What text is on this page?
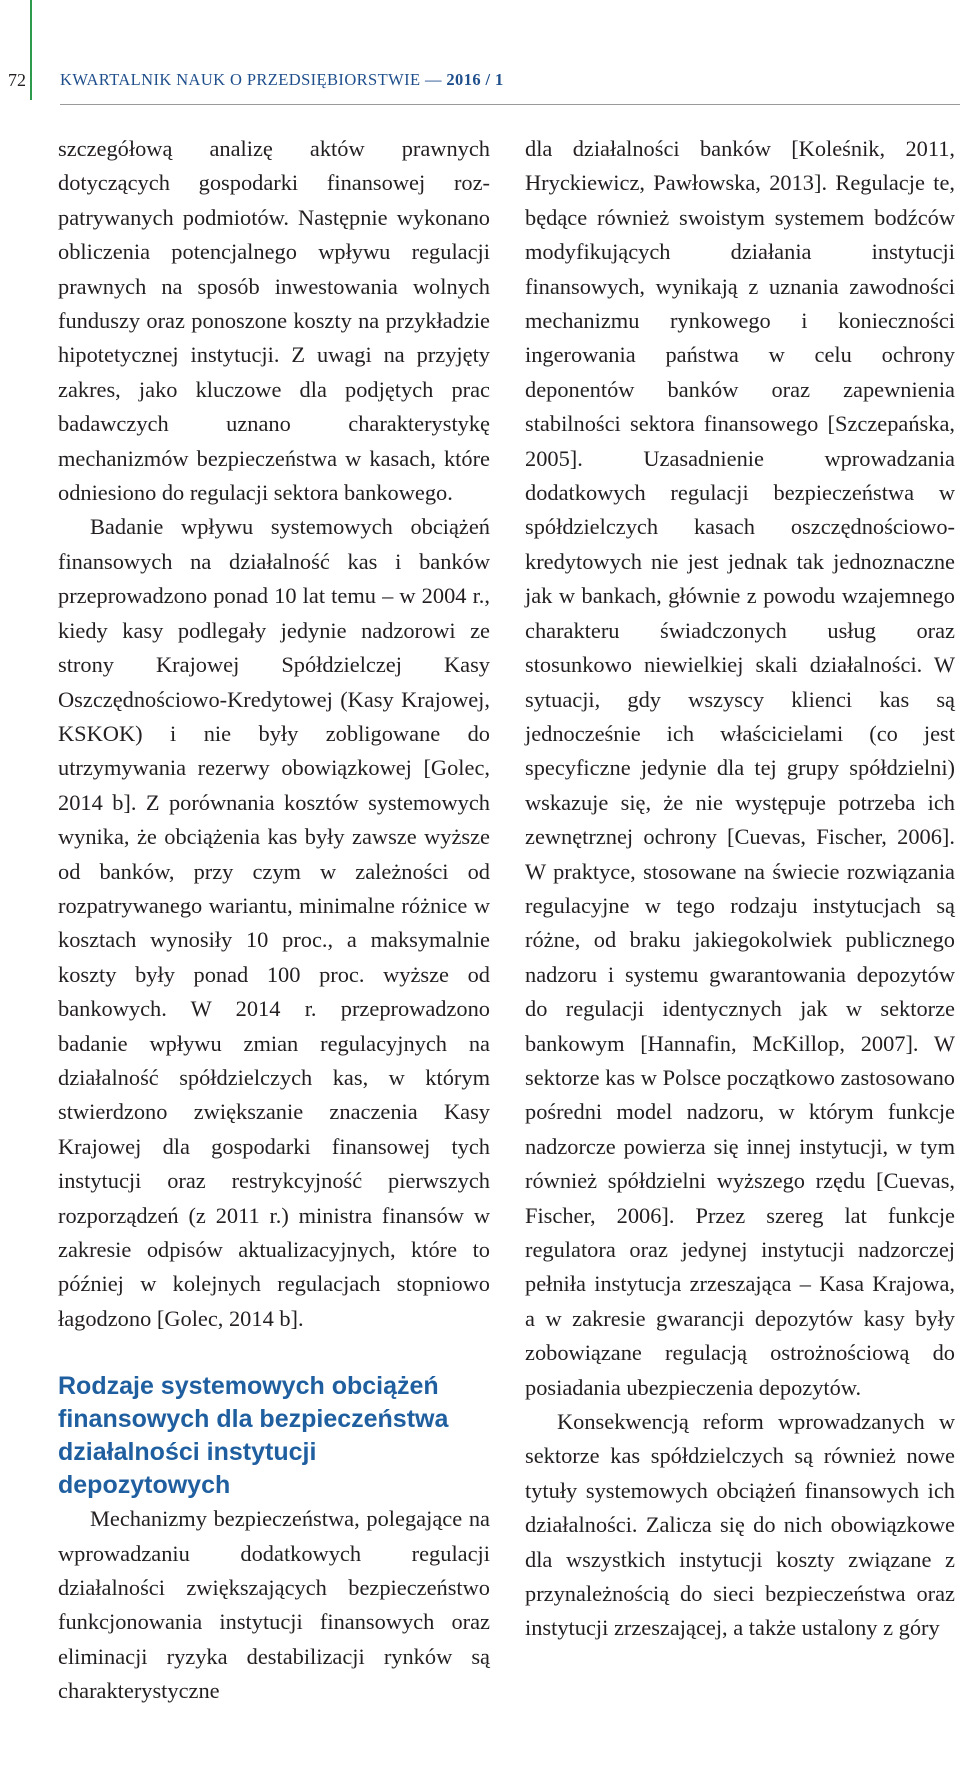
72 KWARTALNIK NAUK O PRZEDSIĘBIORSTWIE — 2016 / 1

szczegółową analizę aktów prawnych dotyczących gospodarki finansowej rozpatrywanych podmiotów. Następnie wykonano obliczenia potencjalnego wpływu regulacji prawnych na sposób inwestowania wolnych funduszy oraz ponoszone koszty na przykładzie hipotetycznej instytucji. Z uwagi na przyjęty zakres, jako kluczowe dla podjętych prac badawczych uznano charakterystykę mechanizmów bezpieczeństwa w kasach, które odniesiono do regulacji sektora bankowego.

Badanie wpływu systemowych obciążeń finansowych na działalność kas i banków przeprowadzono ponad 10 lat temu – w 2004 r., kiedy kasy podlegały jedynie nadzorowi ze strony Krajowej Spółdzielczej Kasy Oszczędnościowo-Kredytowej (Kasy Krajowej, KSKOK) i nie były zobligowane do utrzymywania rezerwy obowiązkowej [Golec, 2014 b]. Z porównania kosztów systemowych wynika, że obciążenia kas były zawsze wyższe od banków, przy czym w zależności od rozpatrywanego wariantu, minimalne różnice w kosztach wynosiły 10 proc., a maksymalnie koszty były ponad 100 proc. wyższe od bankowych. W 2014 r. przeprowadzono badanie wpływu zmian regulacyjnych na działalność spółdzielczych kas, w którym stwierdzono zwiększanie znaczenia Kasy Krajowej dla gospodarki finansowej tych instytucji oraz restrykcyjność pierwszych rozporządzeń (z 2011 r.) ministra finansów w zakresie odpisów aktualizacyjnych, które to później w kolejnych regulacjach stopniowo łagodzono [Golec, 2014 b].

Rodzaje systemowych obciążeń finansowych dla bezpieczeństwa działalności instytucji depozytowych

Mechanizmy bezpieczeństwa, polegające na wprowadzaniu dodatkowych regulacji działalności zwiększających bezpieczeństwo funkcjonowania instytucji finansowych oraz eliminacji ryzyka destabilizacji rynków są charakterystyczne

dla działalności banków [Koleśnik, 2011, Hryckiewicz, Pawłowska, 2013]. Regulacje te, będące również swoistym systemem bodźców modyfikujących działania instytucji finansowych, wynikają z uznania zawodności mechanizmu rynkowego i konieczności ingerowania państwa w celu ochrony deponentów banków oraz zapewnienia stabilności sektora finansowego [Szczepańska, 2005]. Uzasadnienie wprowadzania dodatkowych regulacji bezpieczeństwa w spółdzielczych kasach oszczędnościowo-kredytowych nie jest jednak tak jednoznaczne jak w bankach, głównie z powodu wzajemnego charakteru świadczonych usług oraz stosunkowo niewielkiej skali działalności. W sytuacji, gdy wszyscy klienci kas są jednocześnie ich właścicielami (co jest specyficzne jedynie dla tej grupy spółdzielni) wskazuje się, że nie występuje potrzeba ich zewnętrznej ochrony [Cuevas, Fischer, 2006]. W praktyce, stosowane na świecie rozwiązania regulacyjne w tego rodzaju instytucjach są różne, od braku jakiegokolwiek publicznego nadzoru i systemu gwarantowania depozytów do regulacji identycznych jak w sektorze bankowym [Hannafin, McKillop, 2007]. W sektorze kas w Polsce początkowo zastosowano pośredni model nadzoru, w którym funkcje nadzorcze powierza się innej instytucji, w tym również spółdzielni wyższego rzędu [Cuevas, Fischer, 2006]. Przez szereg lat funkcje regulatora oraz jedynej instytucji nadzorczej pełniła instytucja zrzeszająca – Kasa Krajowa, a w zakresie gwarancji depozytów kasy były zobowiązane regulacją ostrożnościową do posiadania ubezpieczenia depozytów.

Konsekwencją reform wprowadzanych w sektorze kas spółdzielczych są również nowe tytuły systemowych obciążeń finansowych ich działalności. Zalicza się do nich obowiązkowe dla wszystkich instytucji koszty związane z przynależnością do sieci bezpieczeństwa oraz instytucji zrzeszającej, a także ustalony z góry
